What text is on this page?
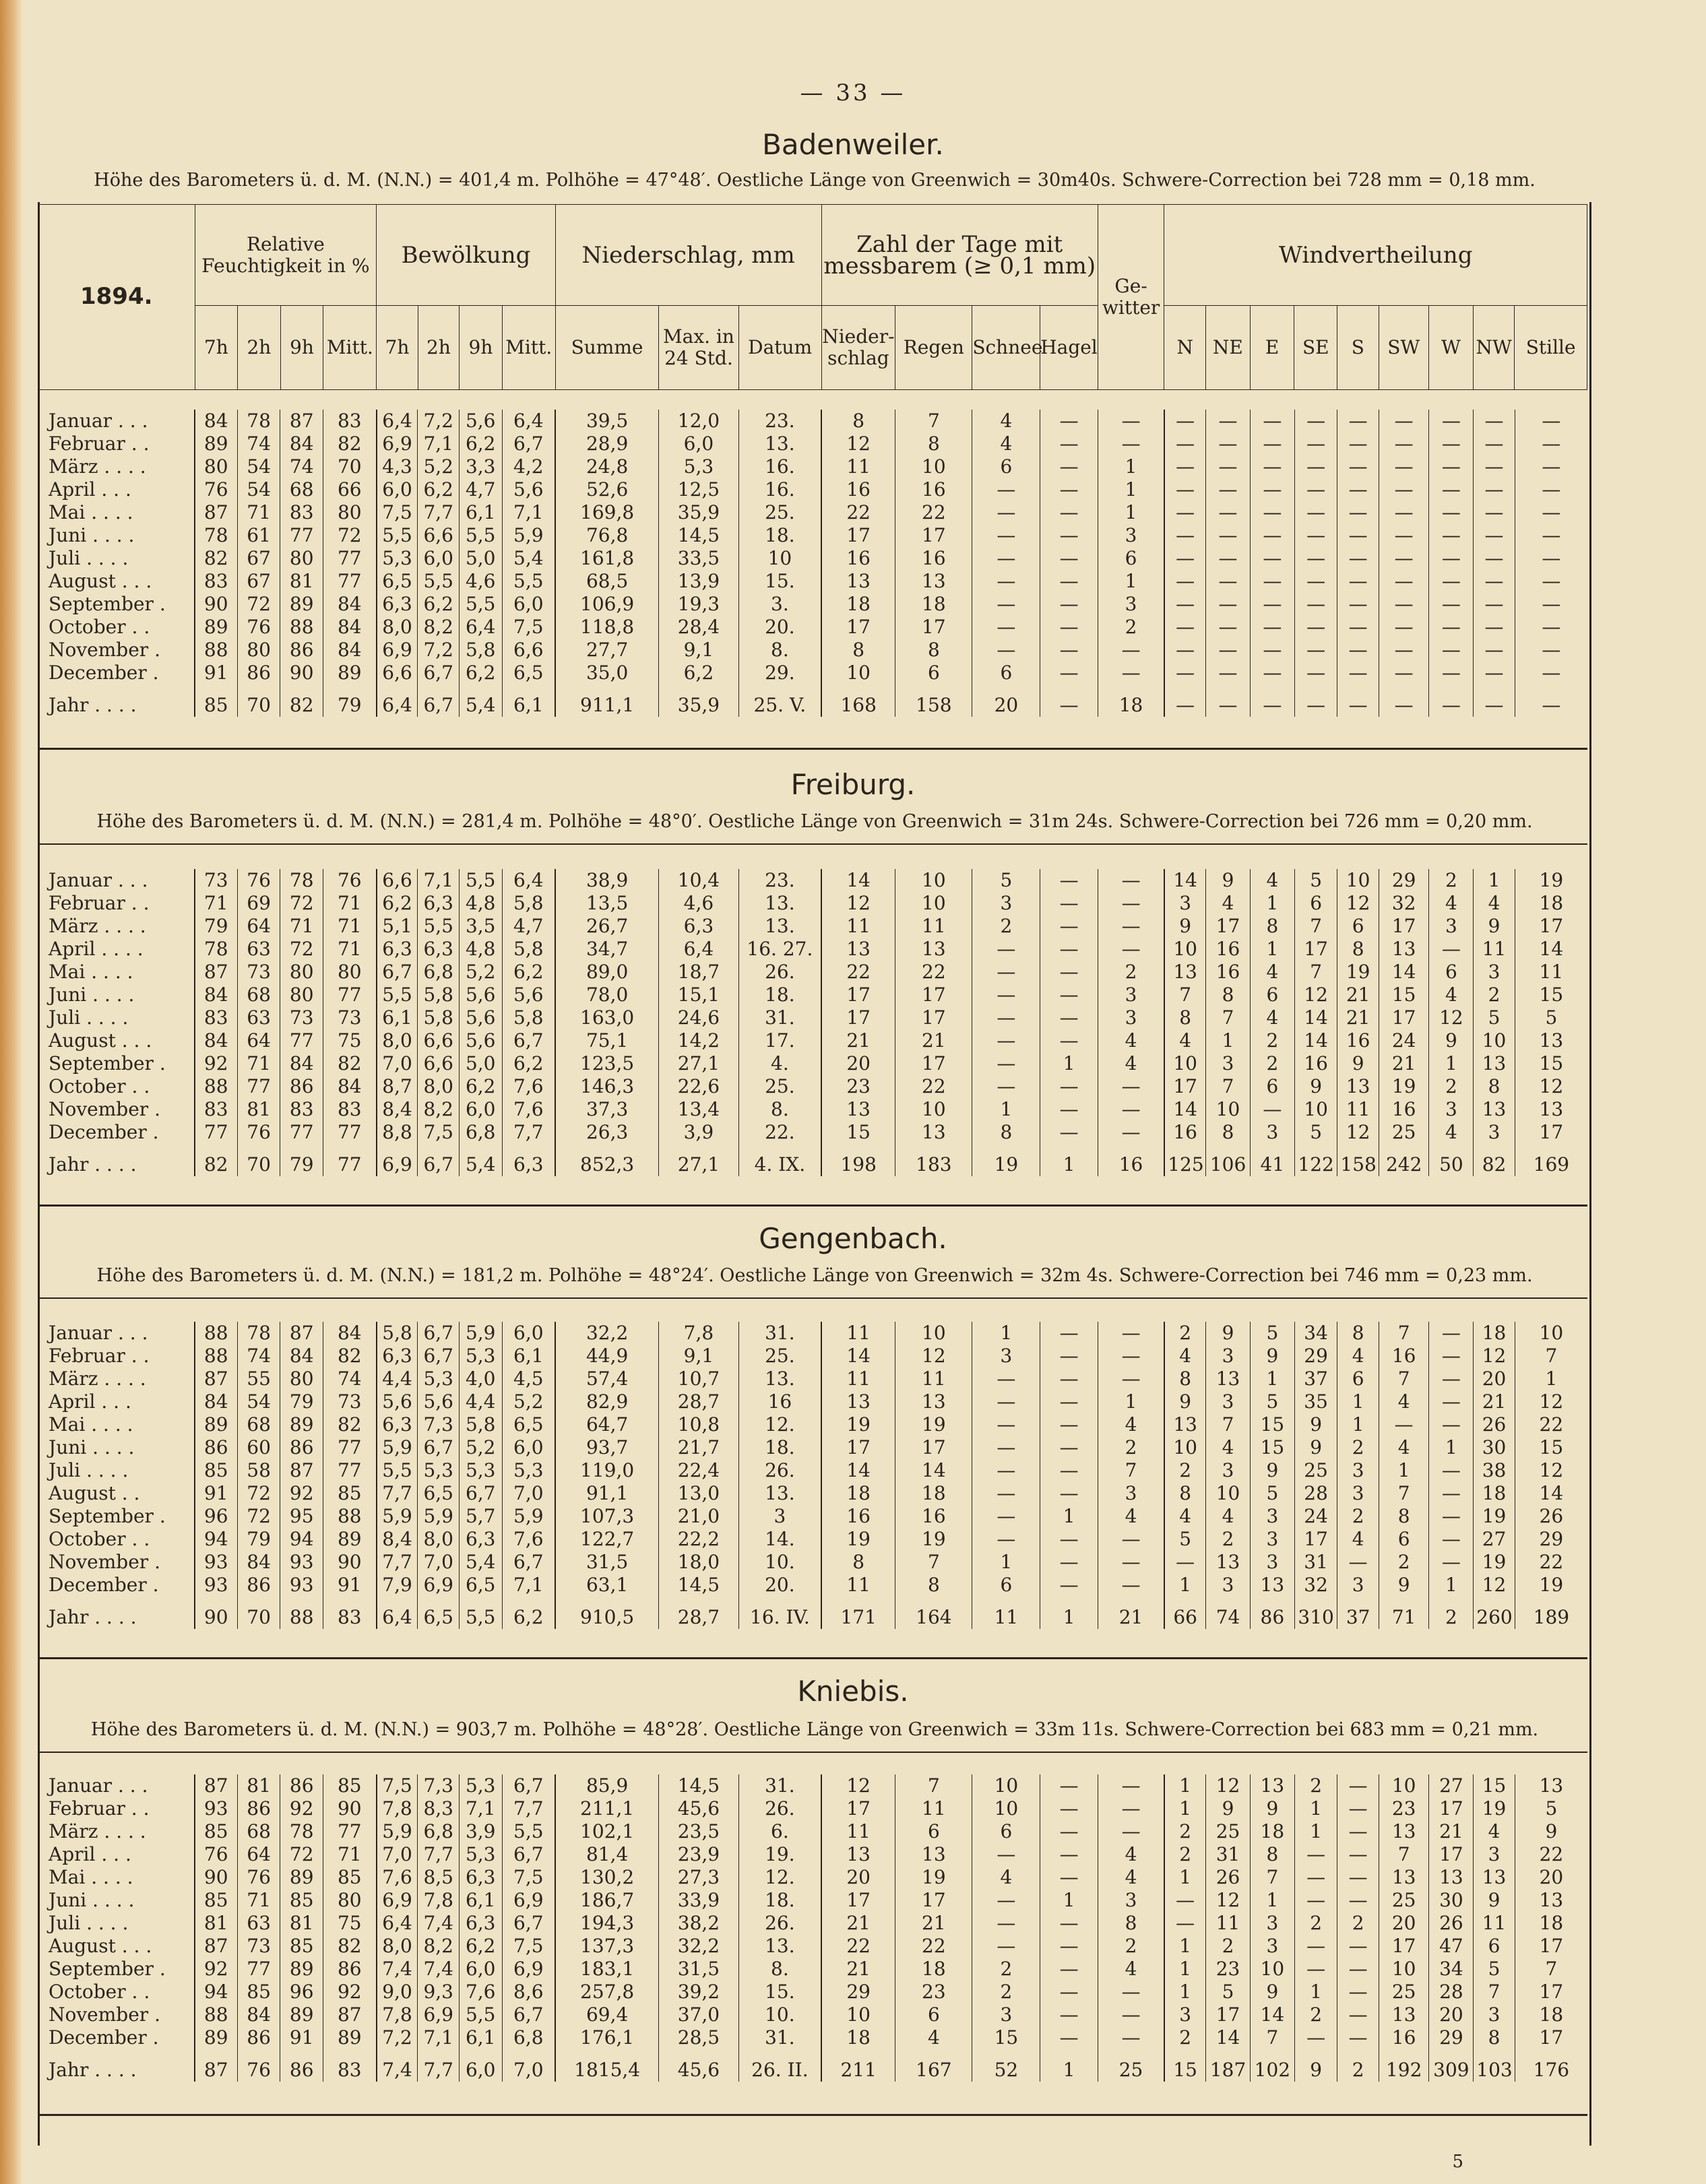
— 33 —
5
1894.	Relative Feuchtigkeit in %				Bewölkung				Niederschlag, mm			Zahl der Tage mit messbarem (≥ 0,1 mm)				Ge-witter	Windvertheilung								
	7h	2h	9h	Mitt.	7h	2h	9h	Mitt.	Summe	Max. in 24 Std.	Datum	Nieder-schlag	Regen	Schnee	Hagel		N	NE	E	SE	S	SW	W	NW	Stille
Badenweiler.
Höhe des Barometers ü. d. M. (N.N.) = 401,4 m. Polhöhe = 47°48′. Oestliche Länge von Greenwich = 30m40s. Schwere-Correction bei 728 mm = 0,18 mm.
Freiburg.
Höhe des Barometers ü. d. M. (N.N.) = 281,4 m. Polhöhe = 48°0′. Oestliche Länge von Greenwich = 31m 24s. Schwere-Correction bei 726 mm = 0,20 mm.
Gengenbach.
Höhe des Barometers ü. d. M. (N.N.) = 181,2 m. Polhöhe = 48°24′. Oestliche Länge von Greenwich = 32m 4s. Schwere-Correction bei 746 mm = 0,23 mm.
Kniebis.
Höhe des Barometers ü. d. M. (N.N.) = 903,7 m. Polhöhe = 48°28′. Oestliche Länge von Greenwich = 33m 11s. Schwere-Correction bei 683 mm = 0,21 mm.
Januar . . .	84	78	87	83	6,4	7,2	5,6	6,4	39,5	12,0	23.	8	7	4	—	—	—	—	—	—	—	—	—	—	—
Februar . .	89	74	84	82	6,9	7,1	6,2	6,7	28,9	6,0	13.	12	8	4	—	—	—	—	—	—	—	—	—	—	—
März . . . .	80	54	74	70	4,3	5,2	3,3	4,2	24,8	5,3	16.	11	10	6	—	1	—	—	—	—	—	—	—	—	—
April . . .	76	54	68	66	6,0	6,2	4,7	5,6	52,6	12,5	16.	16	16	—	—	1	—	—	—	—	—	—	—	—	—
Mai . . . .	87	71	83	80	7,5	7,7	6,1	7,1	169,8	35,9	25.	22	22	—	—	1	—	—	—	—	—	—	—	—	—
Juni . . . .	78	61	77	72	5,5	6,6	5,5	5,9	76,8	14,5	18.	17	17	—	—	3	—	—	—	—	—	—	—	—	—
Juli . . . .	82	67	80	77	5,3	6,0	5,0	5,4	161,8	33,5	10	16	16	—	—	6	—	—	—	—	—	—	—	—	—
August . . .	83	67	81	77	6,5	5,5	4,6	5,5	68,5	13,9	15.	13	13	—	—	1	—	—	—	—	—	—	—	—	—
September .	90	72	89	84	6,3	6,2	5,5	6,0	106,9	19,3	3.	18	18	—	—	3	—	—	—	—	—	—	—	—	—
October . .	89	76	88	84	8,0	8,2	6,4	7,5	118,8	28,4	20.	17	17	—	—	2	—	—	—	—	—	—	—	—	—
November .	88	80	86	84	6,9	7,2	5,8	6,6	27,7	9,1	8.	8	8	—	—	—	—	—	—	—	—	—	—	—	—
December .	91	86	90	89	6,6	6,7	6,2	6,5	35,0	6,2	29.	10	6	6	—	—	—	—	—	—	—	—	—	—	—
Jahr . . . .	85	70	82	79	6,4	6,7	5,4	6,1	911,1	35,9	25. V.	168	158	20	—	18	—	—	—	—	—	—	—	—	—
Januar . . .	73	76	78	76	6,6	7,1	5,5	6,4	38,9	10,4	23.	14	10	5	—	—	14	9	4	5	10	29	2	1	19
Februar . .	71	69	72	71	6,2	6,3	4,8	5,8	13,5	4,6	13.	12	10	3	—	—	3	4	1	6	12	32	4	4	18
März . . . .	79	64	71	71	5,1	5,5	3,5	4,7	26,7	6,3	13.	11	11	2	—	—	9	17	8	7	6	17	3	9	17
April . . . .	78	63	72	71	6,3	6,3	4,8	5,8	34,7	6,4	16. 27.	13	13	—	—	—	10	16	1	17	8	13	—	11	14
Mai . . . .	87	73	80	80	6,7	6,8	5,2	6,2	89,0	18,7	26.	22	22	—	—	2	13	16	4	7	19	14	6	3	11
Juni . . . .	84	68	80	77	5,5	5,8	5,6	5,6	78,0	15,1	18.	17	17	—	—	3	7	8	6	12	21	15	4	2	15
Juli . . . .	83	63	73	73	6,1	5,8	5,6	5,8	163,0	24,6	31.	17	17	—	—	3	8	7	4	14	21	17	12	5	5
August . . .	84	64	77	75	8,0	6,6	5,6	6,7	75,1	14,2	17.	21	21	—	—	4	4	1	2	14	16	24	9	10	13
September .	92	71	84	82	7,0	6,6	5,0	6,2	123,5	27,1	4.	20	17	—	1	4	10	3	2	16	9	21	1	13	15
October . .	88	77	86	84	8,7	8,0	6,2	7,6	146,3	22,6	25.	23	22	—	—	—	17	7	6	9	13	19	2	8	12
November .	83	81	83	83	8,4	8,2	6,0	7,6	37,3	13,4	8.	13	10	1	—	—	14	10	—	10	11	16	3	13	13
December .	77	76	77	77	8,8	7,5	6,8	7,7	26,3	3,9	22.	15	13	8	—	—	16	8	3	5	12	25	4	3	17
Jahr . . . .	82	70	79	77	6,9	6,7	5,4	6,3	852,3	27,1	4. IX.	198	183	19	1	16	125	106	41	122	158	242	50	82	169
Januar . . .	88	78	87	84	5,8	6,7	5,9	6,0	32,2	7,8	31.	11	10	1	—	—	2	9	5	34	8	7	—	18	10
Februar . .	88	74	84	82	6,3	6,7	5,3	6,1	44,9	9,1	25.	14	12	3	—	—	4	3	9	29	4	16	—	12	7
März . . . .	87	55	80	74	4,4	5,3	4,0	4,5	57,4	10,7	13.	11	11	—	—	—	8	13	1	37	6	7	—	20	1
April . . .	84	54	79	73	5,6	5,6	4,4	5,2	82,9	28,7	16	13	13	—	—	1	9	3	5	35	1	4	—	21	12
Mai . . . .	89	68	89	82	6,3	7,3	5,8	6,5	64,7	10,8	12.	19	19	—	—	4	13	7	15	9	1	—	—	26	22
Juni . . . .	86	60	86	77	5,9	6,7	5,2	6,0	93,7	21,7	18.	17	17	—	—	2	10	4	15	9	2	4	1	30	15
Juli . . . .	85	58	87	77	5,5	5,3	5,3	5,3	119,0	22,4	26.	14	14	—	—	7	2	3	9	25	3	1	—	38	12
August . .	91	72	92	85	7,7	6,5	6,7	7,0	91,1	13,0	13.	18	18	—	—	3	8	10	5	28	3	7	—	18	14
September .	96	72	95	88	5,9	5,9	5,7	5,9	107,3	21,0	3	16	16	—	1	4	4	4	3	24	2	8	—	19	26
October . .	94	79	94	89	8,4	8,0	6,3	7,6	122,7	22,2	14.	19	19	—	—	—	5	2	3	17	4	6	—	27	29
November .	93	84	93	90	7,7	7,0	5,4	6,7	31,5	18,0	10.	8	7	1	—	—	—	13	3	31	—	2	—	19	22
December .	93	86	93	91	7,9	6,9	6,5	7,1	63,1	14,5	20.	11	8	6	—	—	1	3	13	32	3	9	1	12	19
Jahr . . . .	90	70	88	83	6,4	6,5	5,5	6,2	910,5	28,7	16. IV.	171	164	11	1	21	66	74	86	310	37	71	2	260	189
Januar . . .	87	81	86	85	7,5	7,3	5,3	6,7	85,9	14,5	31.	12	7	10	—	—	1	12	13	2	—	10	27	15	13
Februar . .	93	86	92	90	7,8	8,3	7,1	7,7	211,1	45,6	26.	17	11	10	—	—	1	9	9	1	—	23	17	19	5
März . . . .	85	68	78	77	5,9	6,8	3,9	5,5	102,1	23,5	6.	11	6	6	—	—	2	25	18	1	—	13	21	4	9
April . . .	76	64	72	71	7,0	7,7	5,3	6,7	81,4	23,9	19.	13	13	—	—	4	2	31	8	—	—	7	17	3	22
Mai . . . .	90	76	89	85	7,6	8,5	6,3	7,5	130,2	27,3	12.	20	19	4	—	4	1	26	7	—	—	13	13	13	20
Juni . . . .	85	71	85	80	6,9	7,8	6,1	6,9	186,7	33,9	18.	17	17	—	1	3	—	12	1	—	—	25	30	9	13
Juli . . . .	81	63	81	75	6,4	7,4	6,3	6,7	194,3	38,2	26.	21	21	—	—	8	—	11	3	2	2	20	26	11	18
August . . .	87	73	85	82	8,0	8,2	6,2	7,5	137,3	32,2	13.	22	22	—	—	2	1	2	3	—	—	17	47	6	17
September .	92	77	89	86	7,4	7,4	6,0	6,9	183,1	31,5	8.	21	18	2	—	4	1	23	10	—	—	10	34	5	7
October . .	94	85	96	92	9,0	9,3	7,6	8,6	257,8	39,2	15.	29	23	2	—	—	1	5	9	1	—	25	28	7	17
November .	88	84	89	87	7,8	6,9	5,5	6,7	69,4	37,0	10.	10	6	3	—	—	3	17	14	2	—	13	20	3	18
December .	89	86	91	89	7,2	7,1	6,1	6,8	176,1	28,5	31.	18	4	15	—	—	2	14	7	—	—	16	29	8	17
Jahr . . . .	87	76	86	83	7,4	7,7	6,0	7,0	1815,4	45,6	26. II.	211	167	52	1	25	15	187	102	9	2	192	309	103	176
